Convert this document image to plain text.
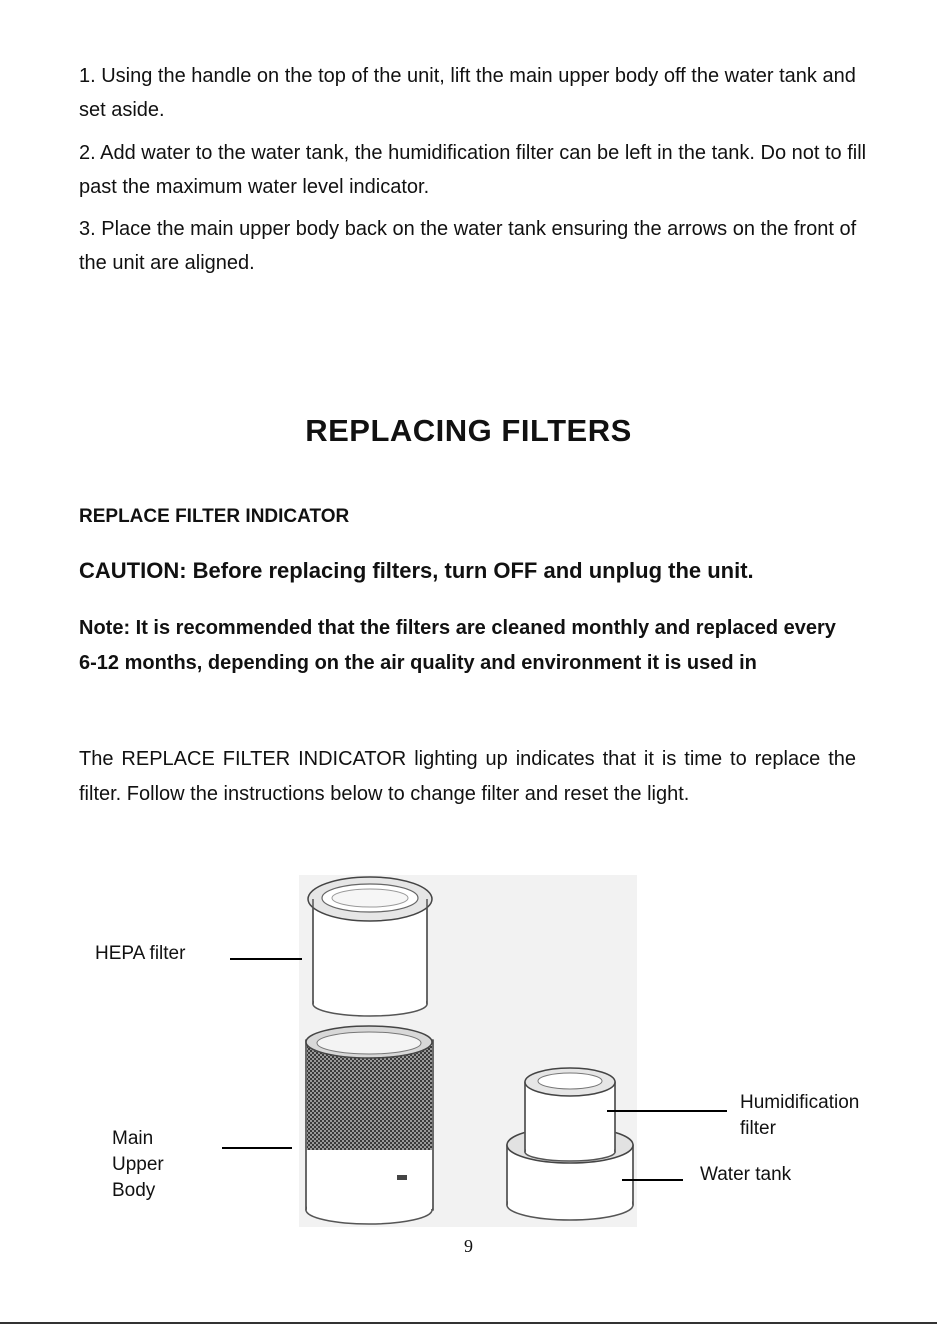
1. Using the handle on the top of the unit, lift the main upper body off the water tank and set aside.

2. Add water to the water tank, the humidification filter can be left in the tank. Do not to fill past the maximum water level indicator.

3. Place the main upper body back on the water tank ensuring the arrows on the front of the unit are aligned.

REPLACING FILTERS
REPLACE FILTER INDICATOR

CAUTION: Before replacing filters, turn OFF and unplug the unit.

Note: It is recommended that the filters are cleaned monthly and replaced every 6-12 months, depending on the air quality and environment it is used in

The REPLACE FILTER INDICATOR lighting up indicates that it is time to replace the filter. Follow the instructions below to change filter and reset the light.

HEPA filter

Main
Upper
Body
Humidification
filter

Water tank

9
